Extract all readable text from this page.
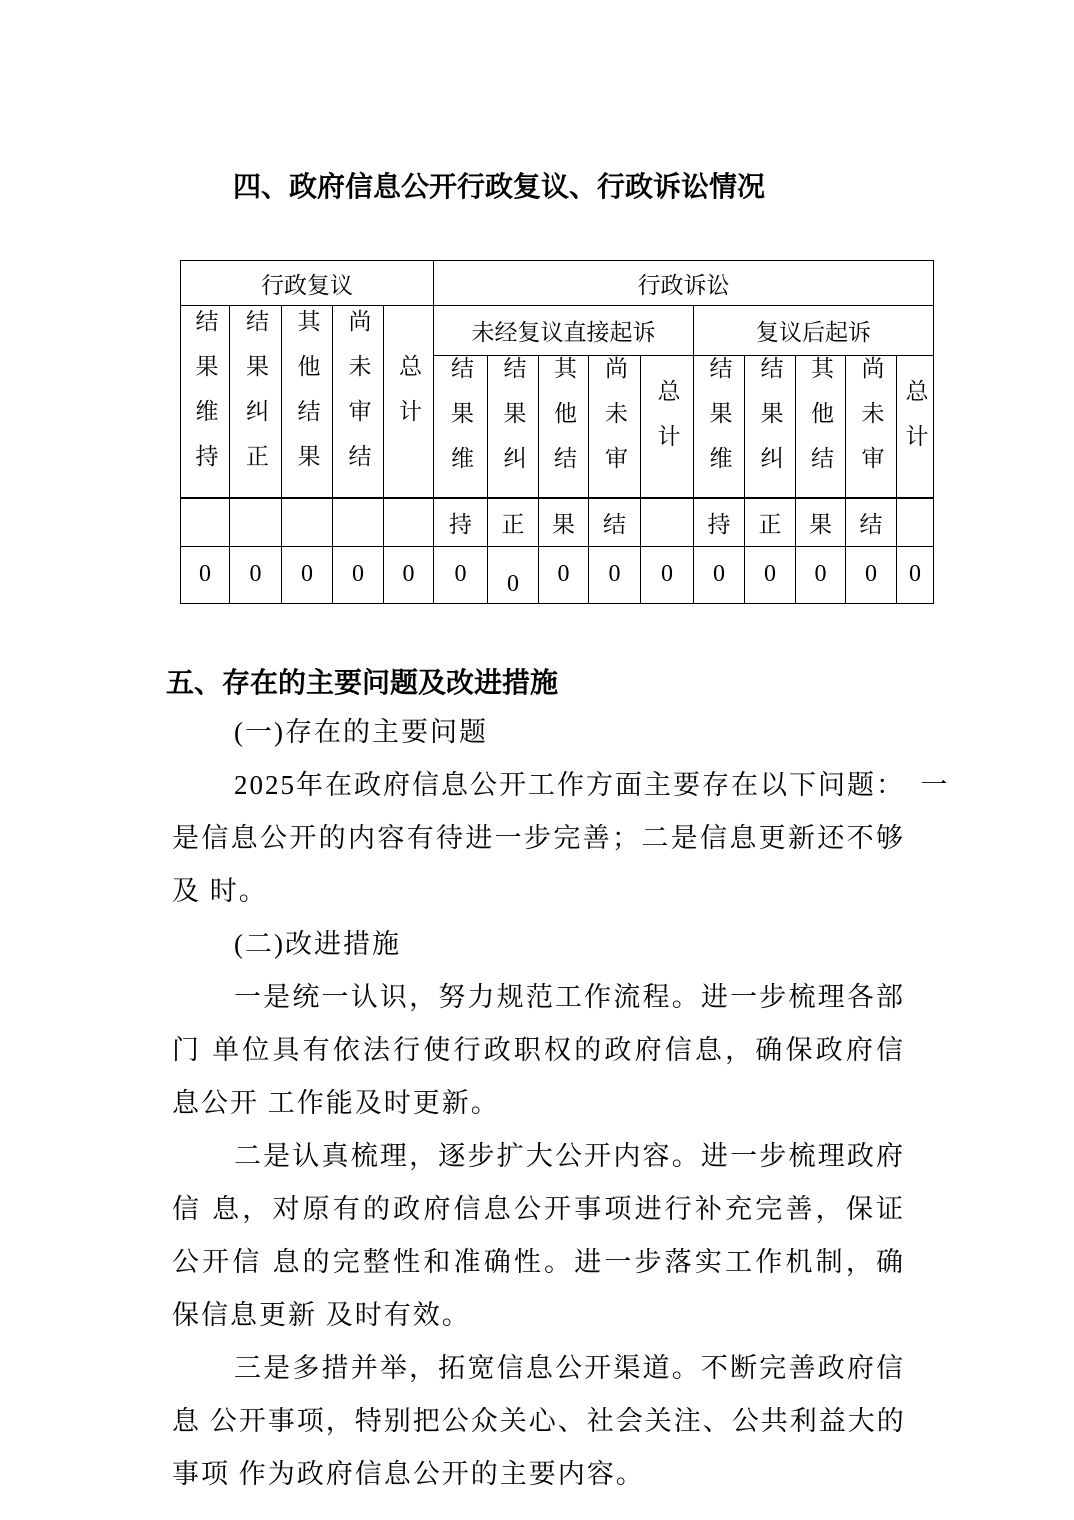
四、政府信息公开行政复议、行政诉讼情况
行政复议					行政诉讼									
结果维持	结果纠正	其他结果	尚未审结	总计	未经复议直接起诉					复议后起诉				
					结果维	结果纠	其他结	尚未审	总计	结果维	结果纠	其他结	尚未审	总计
					持	正	果	结		持	正	果	结	
0	0	0	0	0	0	0	0	0	0	0	0	0	0	0
五、存在的主要问题及改进措施
(一)存在的主要问题
2025年在政府信息公开工作方面主要存在以下问题：　一
是信息公开的内容有待进一步完善；二是信息更新还不够
及 时。
(二)改进措施
一是统一认识，努力规范工作流程。进一步梳理各部
门 单位具有依法行使行政职权的政府信息，确保政府信
息公开 工作能及时更新。
二是认真梳理，逐步扩大公开内容。进一步梳理政府
信 息，对原有的政府信息公开事项进行补充完善，保证
公开信 息的完整性和准确性。进一步落实工作机制，确
保信息更新 及时有效。
三是多措并举，拓宽信息公开渠道。不断完善政府信
息 公开事项，特别把公众关心、社会关注、公共利益大的
事项 作为政府信息公开的主要内容。
